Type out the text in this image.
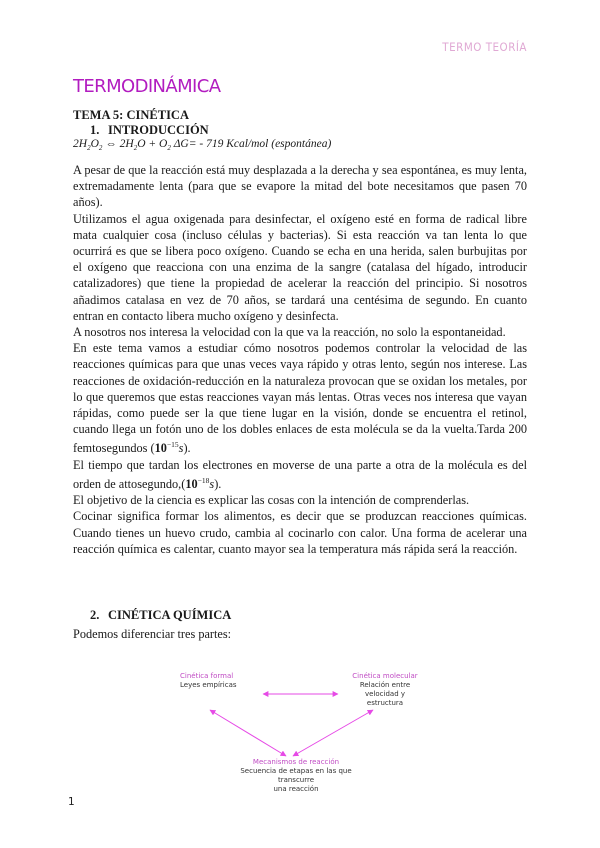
TERMO TEORÍA
TERMODINÁMICA
TEMA 5: CINÉTICA
1. INTRODUCCIÓN
$2H_2O_2$ ⇔ $2H_2O + O_2$ ΔG= - 719 Kcal/mol (espontánea)

A pesar de que la reacción está muy desplazada a la derecha y sea espontánea, es muy lenta, extremadamente lenta (para que se evapore la mitad del bote necesitamos que pasen 70 años).

Utilizamos el agua oxigenada para desinfectar, el oxígeno esté en forma de radical libre mata cualquier cosa (incluso células y bacterias). Si esta reacción va tan lenta lo que ocurrirá es que se libera poco oxígeno. Cuando se echa en una herida, salen burbujitas por el oxígeno que reacciona con una enzima de la sangre (catalasa del hígado, introducir catalizadores) que tiene la propiedad de acelerar la reacción del principio. Si nosotros añadimos catalasa en vez de 70 años, se tardará una centésima de segundo. En cuanto entran en contacto libera mucho oxígeno y desinfecta.

A nosotros nos interesa la velocidad con la que va la reacción, no solo la espontaneidad.

En este tema vamos a estudiar cómo nosotros podemos controlar la velocidad de las reacciones químicas para que unas veces vaya rápido y otras lento, según nos interese. Las reacciones de oxidación-reducción en la naturaleza provocan que se oxidan los metales, por lo que queremos que estas reacciones vayan más lentas. Otras veces nos interesa que vayan rápidas, como puede ser la que tiene lugar en la visión, donde se encuentra el retinol, cuando llega un fotón uno de los dobles enlaces de esta molécula se da la vuelta.Tarda 200 femtosegundos $(10^{-15}s)$.

El tiempo que tardan los electrones en moverse de una parte a otra de la molécula es del orden de $attosegundo,(10^{-18}s)$.

El objetivo de la ciencia es explicar las cosas con la intención de comprenderlas.

Cocinar significa formar los alimentos, es decir que se produzcan reacciones químicas. Cuando tienes un huevo crudo, cambia al cocinarlo con calor. Una forma de acelerar una reacción química es calentar, cuanto mayor sea la temperatura más rápida será la reacción.

2. CINÉTICA QUÍMICA
Podemos diferenciar tres partes:
Cinética formal
Leyes empíricas
Cinética molecular
Relación entre velocidad y
estructura
Mecanismos de reacción
Secuencia de etapas en las que transcurre
una reacción
1
